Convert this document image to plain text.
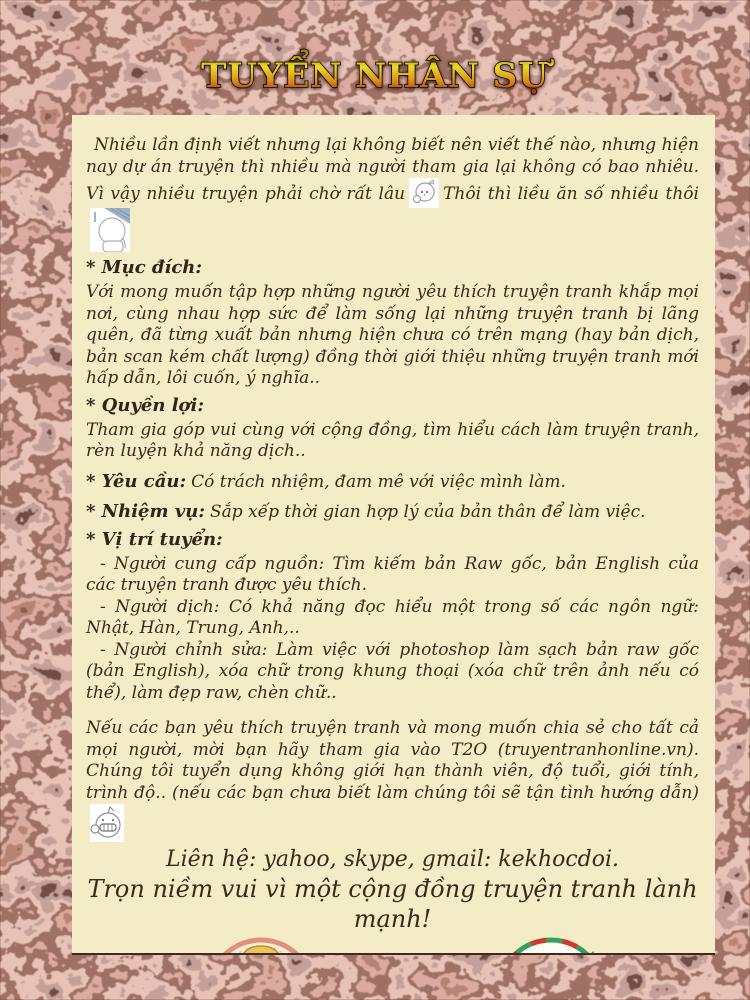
TUYỂN NHÂN SỰ

Nhiều lần định viết nhưng lại không biết nên viết thế nào, nhưng hiện nay dự án truyện thì nhiều mà người tham gia lại không có bao nhiêu. Vì vậy nhiều truyện phải chờ rất lâu Thôi thì liều ăn số nhiều thôi

* Mục đích:

Với mong muốn tập hợp những người yêu thích truyện tranh khắp mọi nơi, cùng nhau hợp sức để làm sống lại những truyện tranh bị lãng quên, đã từng xuất bản nhưng hiện chưa có trên mạng (hay bản dịch, bản scan kém chất lượng) đồng thời giới thiệu những truyện tranh mới hấp dẫn, lôi cuốn, ý nghĩa..

* Quyền lợi:

Tham gia góp vui cùng với cộng đồng, tìm hiểu cách làm truyện tranh, rèn luyện khả năng dịch..

* Yêu cầu: Có trách nhiệm, đam mê với việc mình làm.

* Nhiệm vụ: Sắp xếp thời gian hợp lý của bản thân để làm việc.

* Vị trí tuyển:

- Người cung cấp nguồn: Tìm kiếm bản Raw gốc, bản English của các truyện tranh được yêu thích.

- Người dịch: Có khả năng đọc hiểu một trong số các ngôn ngữ: Nhật, Hàn, Trung, Anh,..

- Người chỉnh sửa: Làm việc với photoshop làm sạch bản raw gốc (bản English), xóa chữ trong khung thoại (xóa chữ trên ảnh nếu có thể), làm đẹp raw, chèn chữ..

Nếu các bạn yêu thích truyện tranh và mong muốn chia sẻ cho tất cả mọi người, mời bạn hãy tham gia vào T2O (truyentranhonline.vn). Chúng tôi tuyển dụng không giới hạn thành viên, độ tuổi, giới tính, trình độ.. (nếu các bạn chưa biết làm chúng tôi sẽ tận tình hướng dẫn)

Liên hệ: yahoo, skype, gmail: kekhocdoi.

Trọn niềm vui vì một cộng đồng truyện tranh lành mạnh!
